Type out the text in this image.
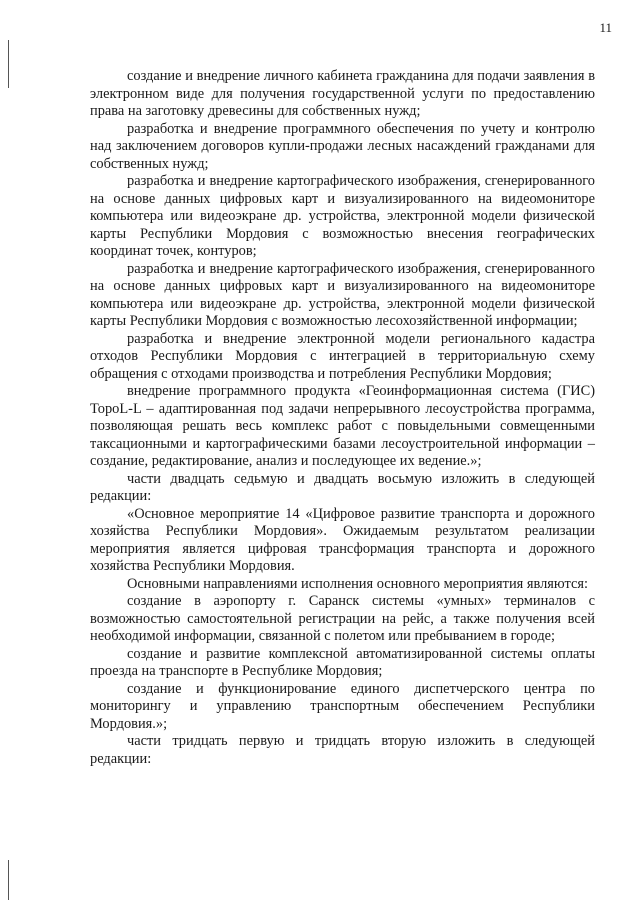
11

создание и внедрение личного кабинета гражданина для подачи заявления в электронном виде для получения государственной услуги по предоставлению права на заготовку древесины для собственных нужд;

разработка и внедрение программного обеспечения по учету и контролю над заключением договоров купли-продажи лесных насаждений гражданами для собственных нужд;

разработка и внедрение картографического изображения, сгенерированного на основе данных цифровых карт и визуализированного на видеомониторе компьютера или видеоэкране др. устройства, электронной модели физической карты Республики Мордовия с возможностью внесения географических координат точек, контуров;

разработка и внедрение картографического изображения, сгенерированного на основе данных цифровых карт и визуализированного на видеомониторе компьютера или видеоэкране др. устройства, электронной модели физической карты Республики Мордовия с возможностью лесохозяйственной информации;

разработка и внедрение электронной модели регионального кадастра отходов Республики Мордовия с интеграцией в территориальную схему обращения с отходами производства и потребления Республики Мордовия;

внедрение программного продукта «Геоинформационная система (ГИС) TopoL-L – адаптированная под задачи непрерывного лесоустройства программа, позволяющая решать весь комплекс работ с повыдельными совмещенными таксационными и картографическими базами лесоустроительной информации – создание, редактирование, анализ и последующее их ведение.»;

части двадцать седьмую и двадцать восьмую изложить в следующей редакции:

«Основное мероприятие 14 «Цифровое развитие транспорта и дорожного хозяйства Республики Мордовия». Ожидаемым результатом реализации мероприятия является цифровая трансформация транспорта и дорожного хозяйства Республики Мордовия.

Основными направлениями исполнения основного мероприятия являются:

создание в аэропорту г. Саранск системы «умных» терминалов с возможностью самостоятельной регистрации на рейс, а также получения всей необходимой информации, связанной с полетом или пребыванием в городе;

создание и развитие комплексной автоматизированной системы оплаты проезда на транспорте в Республике Мордовия;

создание и функционирование единого диспетчерского центра по мониторингу и управлению транспортным обеспечением Республики Мордовия.»;

части тридцать первую и тридцать вторую изложить в следующей редакции:
